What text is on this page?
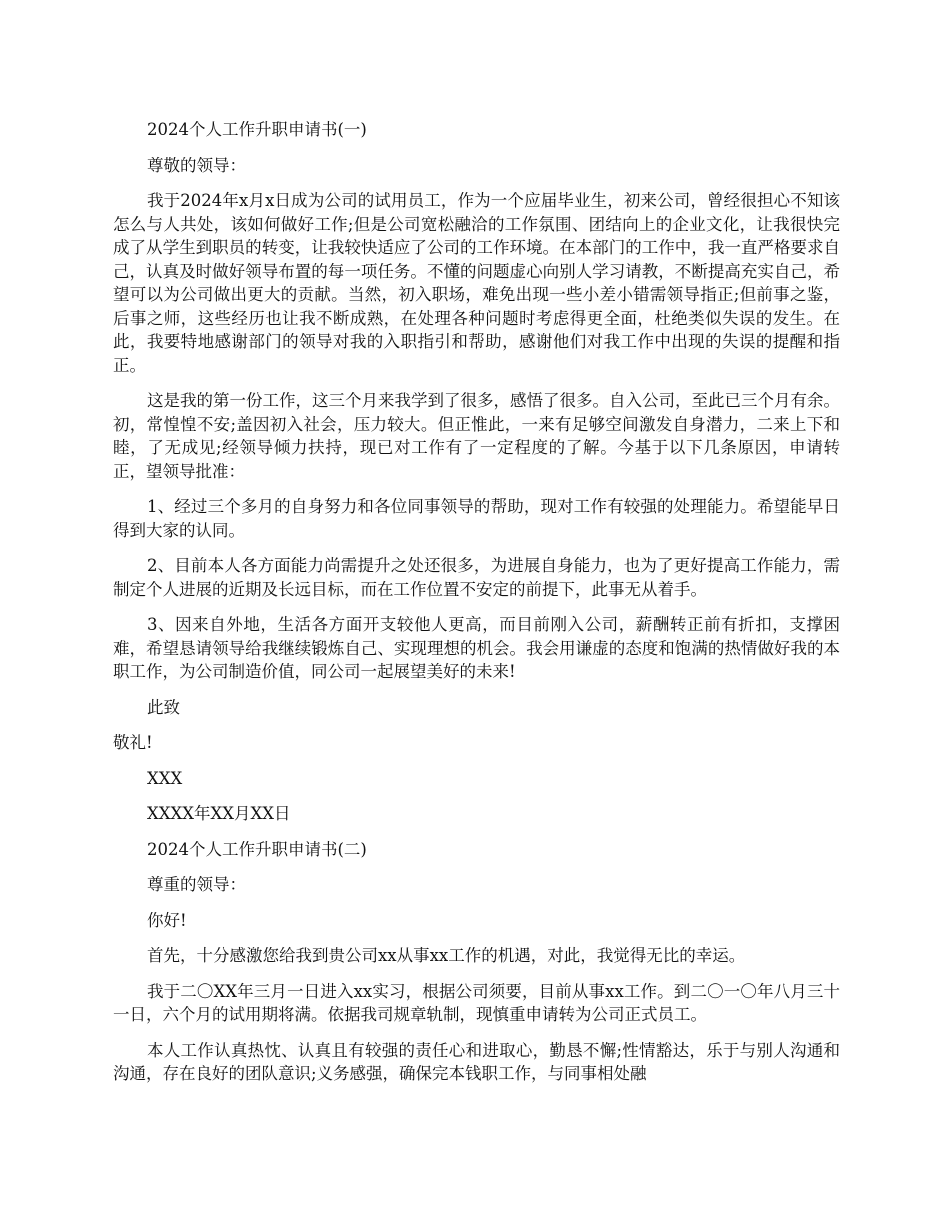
2024个人工作升职申请书(一)

尊敬的领导：

我于2024年x月x日成为公司的试用员工，作为一个应届毕业生，初来公司，曾经很担心不知该怎么与人共处，该如何做好工作;但是公司宽松融洽的工作氛围、团结向上的企业文化，让我很快完成了从学生到职员的转变，让我较快适应了公司的工作环境。在本部门的工作中，我一直严格要求自己，认真及时做好领导布置的每一项任务。不懂的问题虚心向别人学习请教，不断提高充实自己，希望可以为公司做出更大的贡献。当然，初入职场，难免出现一些小差小错需领导指正;但前事之鉴，后事之师，这些经历也让我不断成熟，在处理各种问题时考虑得更全面，杜绝类似失误的发生。在此，我要特地感谢部门的领导对我的入职指引和帮助，感谢他们对我工作中出现的失误的提醒和指正。

这是我的第一份工作，这三个月来我学到了很多，感悟了很多。自入公司，至此已三个月有余。初，常惶惶不安;盖因初入社会，压力较大。但正惟此，一来有足够空间激发自身潜力，二来上下和睦，了无成见;经领导倾力扶持，现已对工作有了一定程度的了解。今基于以下几条原因，申请转正，望领导批准：

1、经过三个多月的自身努力和各位同事领导的帮助，现对工作有较强的处理能力。希望能早日得到大家的认同。

2、目前本人各方面能力尚需提升之处还很多，为进展自身能力，也为了更好提高工作能力，需制定个人进展的近期及长远目标，而在工作位置不安定的前提下，此事无从着手。

3、因来自外地，生活各方面开支较他人更高，而目前刚入公司，薪酬转正前有折扣，支撑困难，希望恳请领导给我继续锻炼自己、实现理想的机会。我会用谦虚的态度和饱满的热情做好我的本职工作，为公司制造价值，同公司一起展望美好的未来!

此致

敬礼!

XXX

XXXX年XX月XX日

2024个人工作升职申请书(二)

尊重的领导：

你好!

首先，十分感激您给我到贵公司xx从事xx工作的机遇，对此，我觉得无比的幸运。

我于二〇XX年三月一日进入xx实习，根据公司须要，目前从事xx工作。到二〇一〇年八月三十一日，六个月的试用期将满。依据我司规章轨制，现慎重申请转为公司正式员工。

本人工作认真热忱、认真且有较强的责任心和进取心，勤恳不懈;性情豁达，乐于与别人沟通和沟通，存在良好的团队意识;义务感强，确保完本钱职工作，与同事相处融
